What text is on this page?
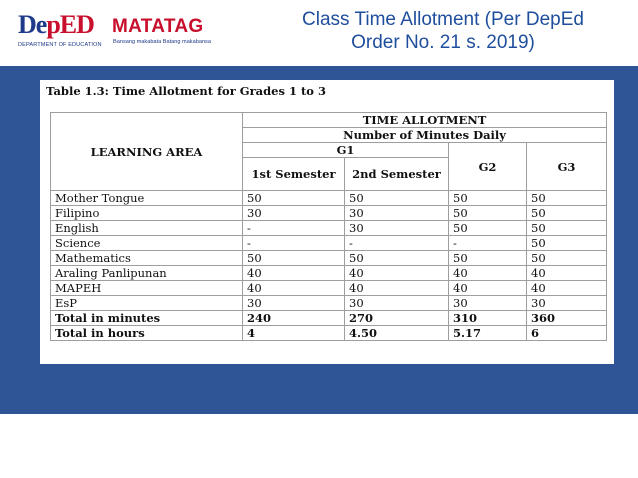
DepED
DEPARTMENT OF EDUCATION
MATATAG
Bansang makabata Batang makabansa
Class Time Allotment (Per DepEd
Order No. 21 s. 2019)
Table 1.3: Time Allotment for Grades 1 to 3
LEARNING AREA	TIME ALLOTMENT			
	Number of Minutes Daily			
	G1		G2	G3
	1st Semester	2nd Semester		
Mother Tongue	50	50	50	50
Filipino	30	30	50	50
English	-	30	50	50
Science	-	-	-	50
Mathematics	50	50	50	50
Araling Panlipunan	40	40	40	40
MAPEH	40	40	40	40
EsP	30	30	30	30
Total in minutes	240	270	310	360
Total in hours	4	4.50	5.17	6
